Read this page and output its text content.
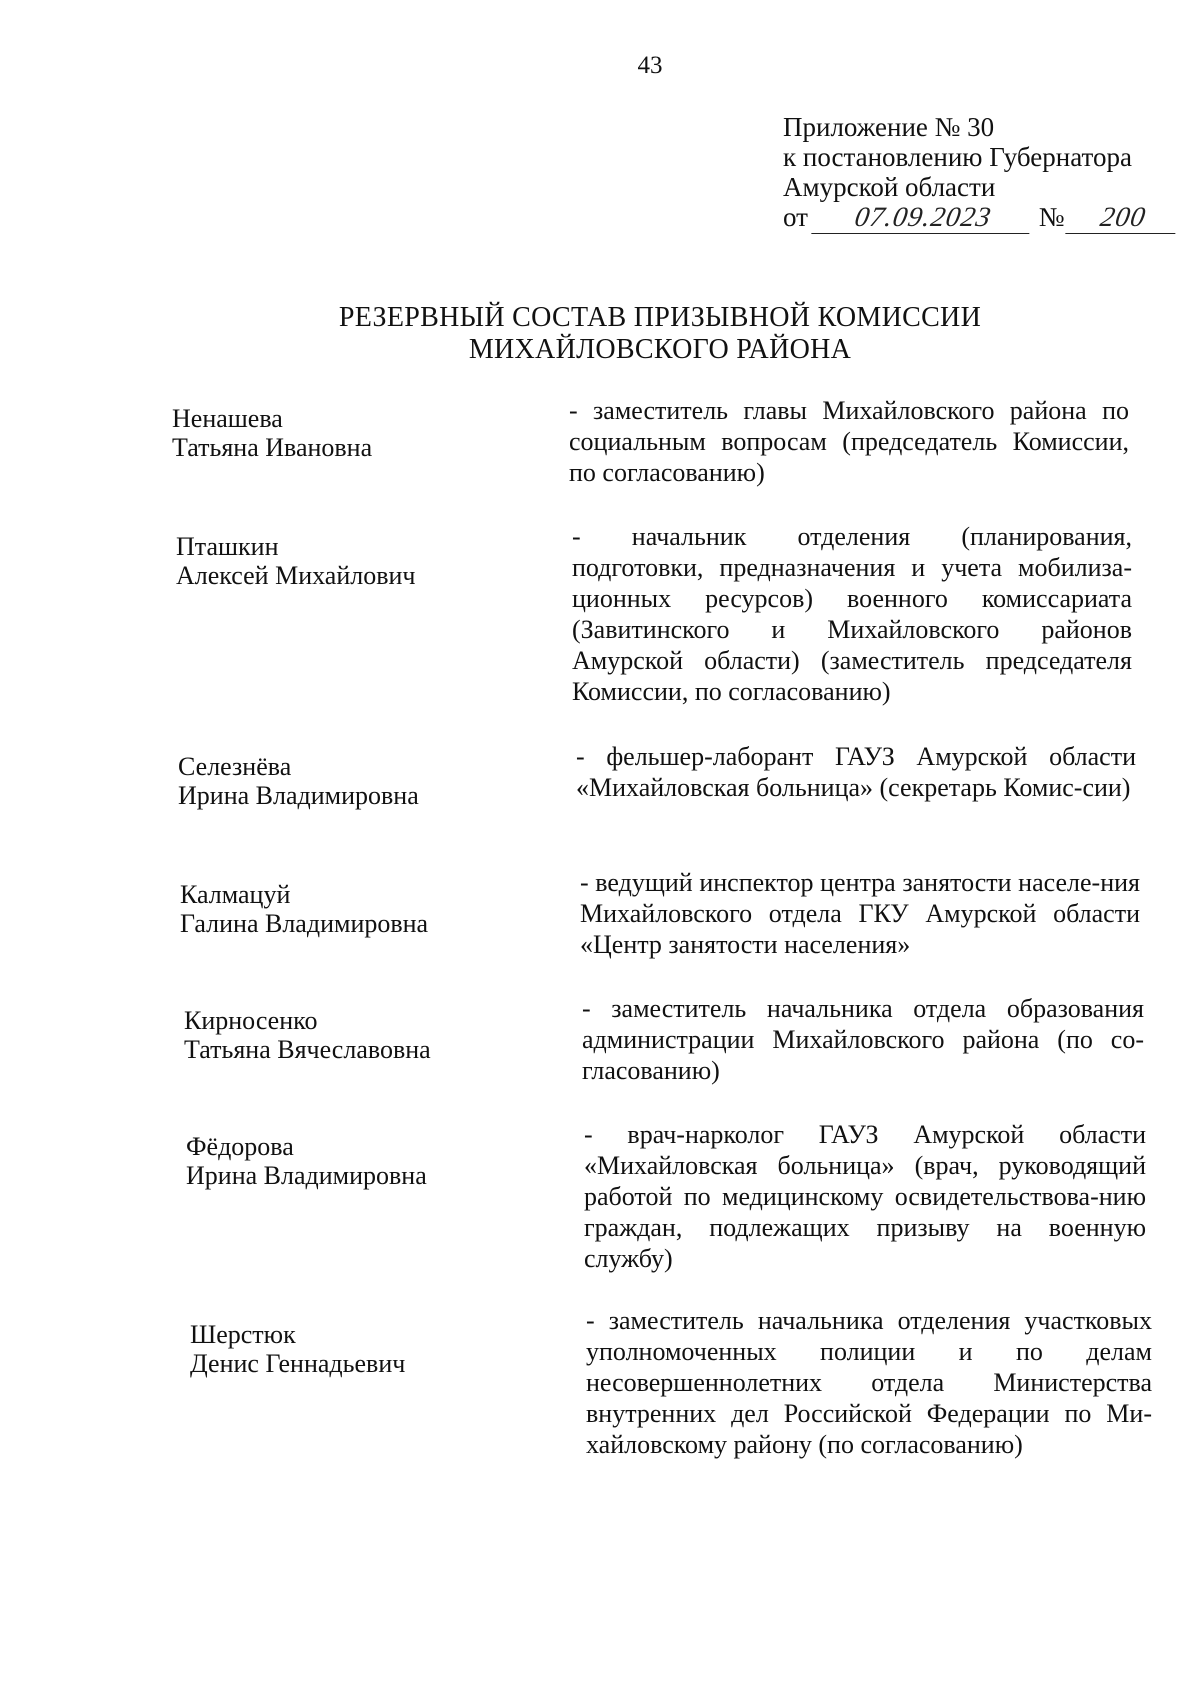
43
Приложение № 30
к постановлению Губернатора
Амурской области
от 07.09.2023 № 200
РЕЗЕРВНЫЙ СОСТАВ ПРИЗЫВНОЙ КОМИССИИ
МИХАЙЛОВСКОГО РАЙОНА
Ненашева
Татьяна Ивановна
- заместитель главы Михайловского района по социальным вопросам (председатель Комиссии, по согласованию)
Пташкин
Алексей Михайлович
- начальник отделения (планирования, подготовки, предназначения и учета мобилиза-ционных ресурсов) военного комиссариата (Завитинского и Михайловского районов Амурской области) (заместитель председателя Комиссии, по согласованию)
Селезнёва
Ирина Владимировна
- фельшер-лаборант ГАУЗ Амурской области «Михайловская больница» (секретарь Комис-сии)
Калмацуй
Галина Владимировна
- ведущий инспектор центра занятости населе-ния Михайловского отдела ГКУ Амурской области «Центр занятости населения»
Кирносенко
Татьяна Вячеславовна
- заместитель начальника отдела образования администрации Михайловского района (по со-гласованию)
Фёдорова
Ирина Владимировна
- врач-нарколог ГАУЗ Амурской области «Михайловская больница» (врач, руководящий работой по медицинскому освидетельствова-нию граждан, подлежащих призыву на военную службу)
Шерстюк
Денис Геннадьевич
- заместитель начальника отделения участковых уполномоченных полиции и по делам несовершеннолетних отдела Министерства внутренних дел Российской Федерации по Ми-хайловскому району (по согласованию)
